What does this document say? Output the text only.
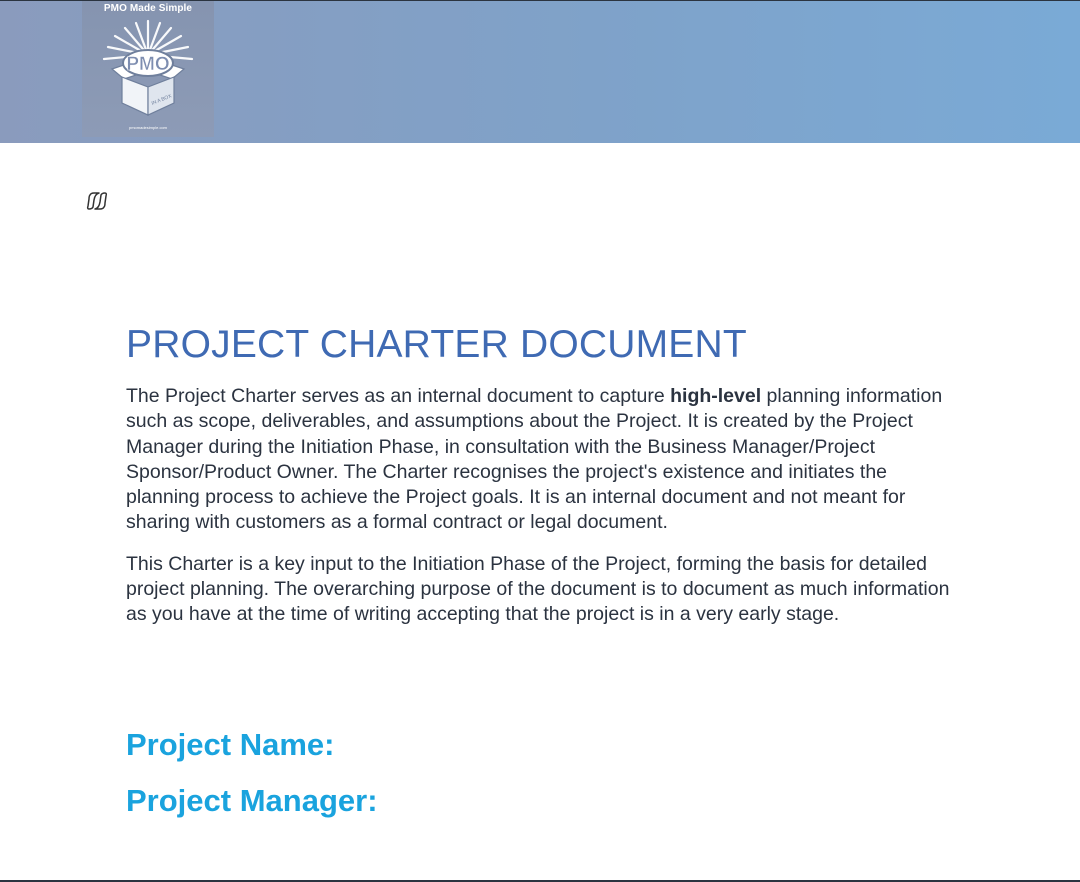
PMO Made Simple
PMO
IN A BOX
pmomadesimple.com
PROJECT CHARTER DOCUMENT

The Project Charter serves as an internal document to capture high-level planning information such as scope, deliverables, and assumptions about the Project. It is created by the Project Manager during the Initiation Phase, in consultation with the Business Manager/Project Sponsor/Product Owner. The Charter recognises the project's existence and initiates the planning process to achieve the Project goals. It is an internal document and not meant for sharing with customers as a formal contract or legal document.

This Charter is a key input to the Initiation Phase of the Project, forming the basis for detailed project planning. The overarching purpose of the document is to document as much information as you have at the time of writing accepting that the project is in a very early stage.

Project Name:
Project Manager:
